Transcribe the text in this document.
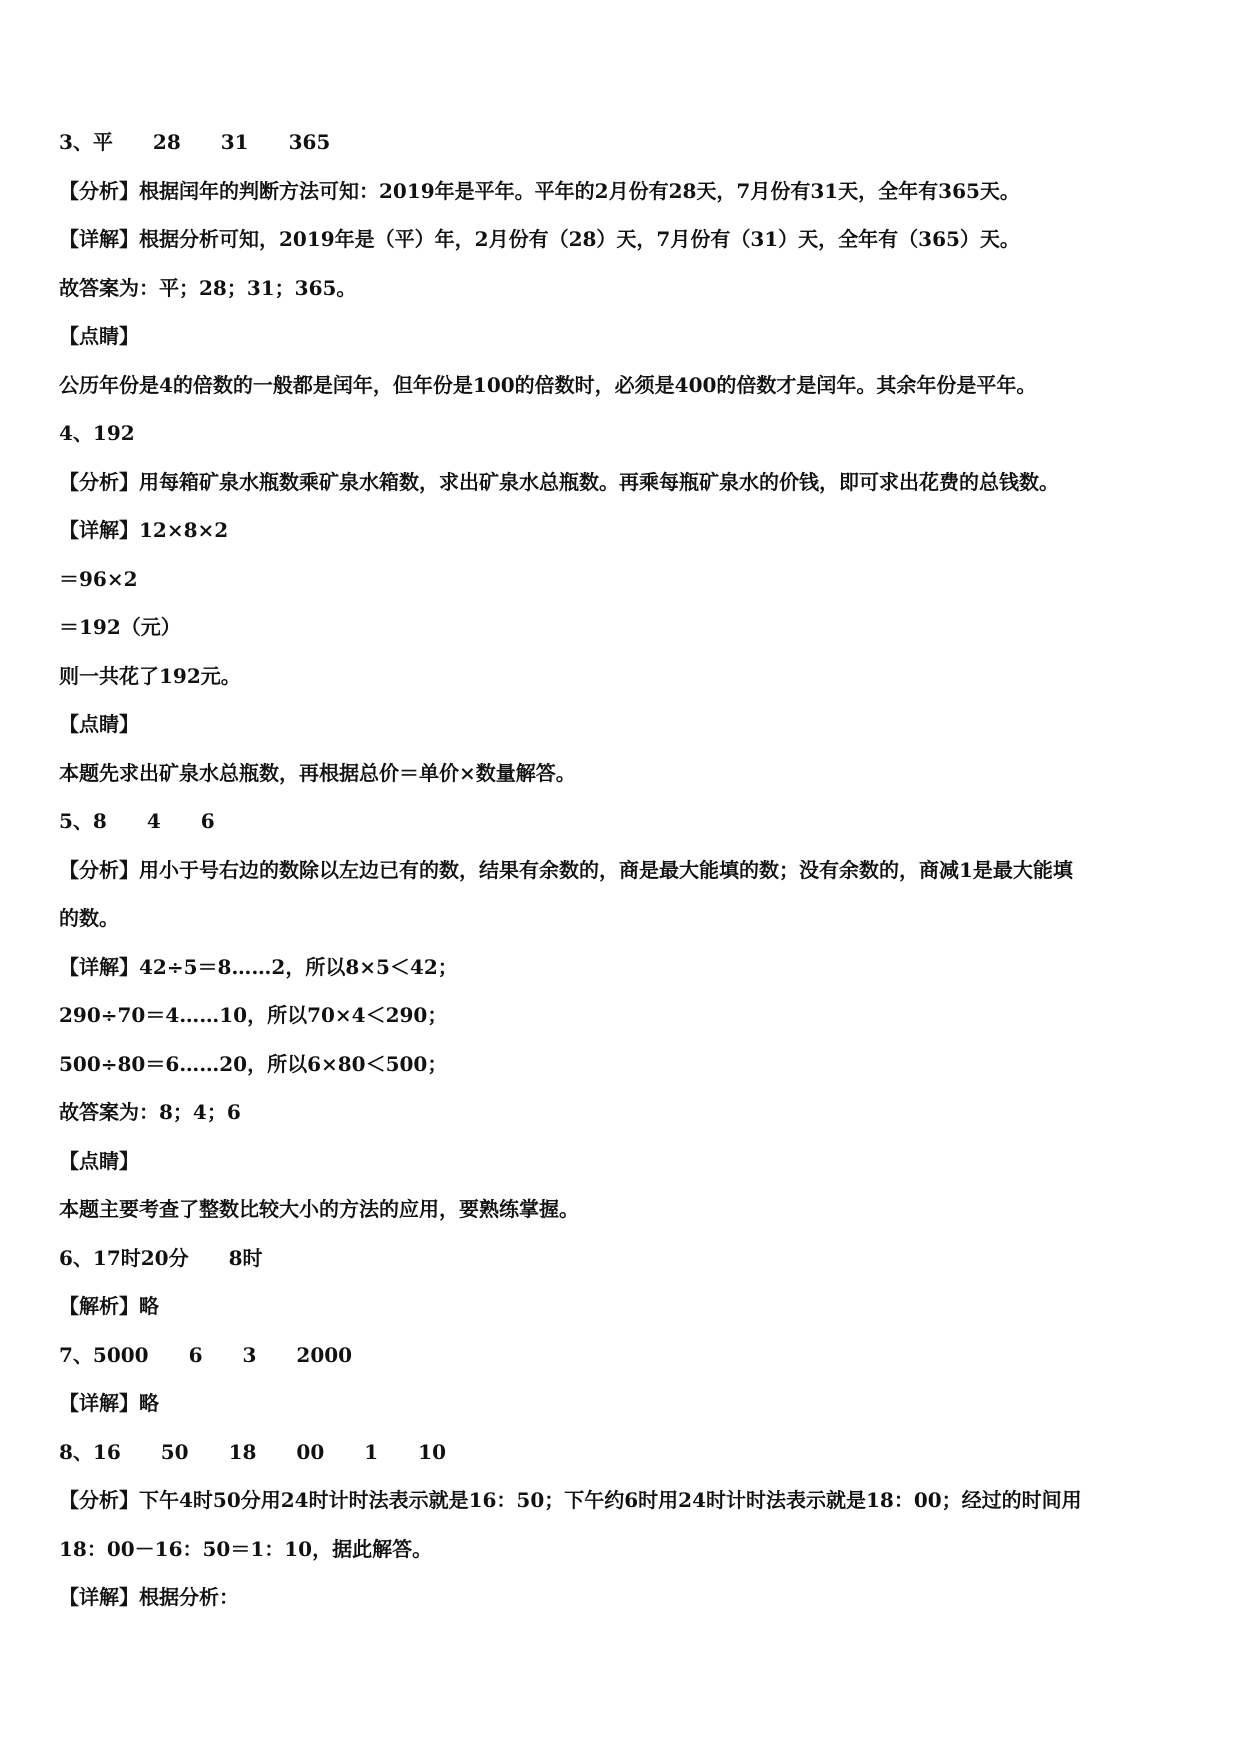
3、平　　28　　31　　365
【分析】根据闰年的判断方法可知：2019年是平年。平年的2月份有28天，7月份有31天，全年有365天。
【详解】根据分析可知，2019年是（平）年，2月份有（28）天，7月份有（31）天，全年有（365）天。
故答案为：平；28；31；365。
【点睛】
公历年份是4的倍数的一般都是闰年，但年份是100的倍数时，必须是400的倍数才是闰年。其余年份是平年。
4、192
【分析】用每箱矿泉水瓶数乘矿泉水箱数，求出矿泉水总瓶数。再乘每瓶矿泉水的价钱，即可求出花费的总钱数。
【详解】12×8×2
＝96×2
＝192（元）
则一共花了192元。
【点睛】
本题先求出矿泉水总瓶数，再根据总价＝单价×数量解答。
5、8　　4　　6
【分析】用小于号右边的数除以左边已有的数，结果有余数的，商是最大能填的数；没有余数的，商减1是最大能填
的数。
【详解】42÷5＝8……2，所以8×5＜42；
290÷70＝4……10，所以70×4＜290；
500÷80＝6……20，所以6×80＜500；
故答案为：8；4；6
【点睛】
本题主要考查了整数比较大小的方法的应用，要熟练掌握。
6、17时20分　　8时
【解析】略
7、5000　　6　　3　　2000
【详解】略
8、16　　50　　18　　00　　1　　10
【分析】下午4时50分用24时计时法表示就是16：50；下午约6时用24时计时法表示就是18：00；经过的时间用
18：00－16：50＝1：10，据此解答。
【详解】根据分析：
